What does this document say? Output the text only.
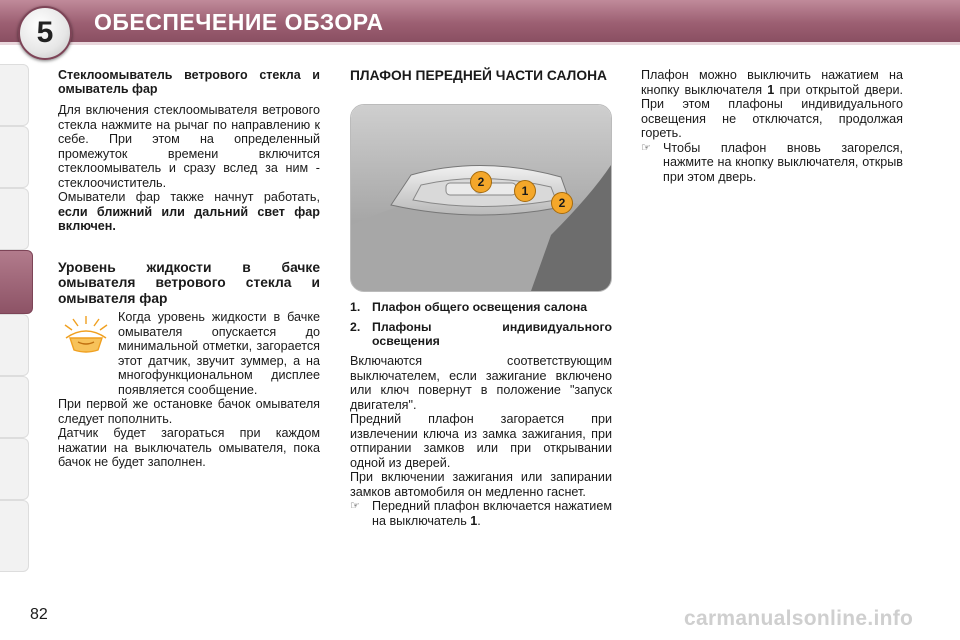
5 ОБЕСПЕЧЕНИЕ ОБЗОРА
Стеклоомыватель ветрового стекла и омыватель фар

Для включения стеклоомывателя ветрового стекла нажмите на рычаг по направлению к себе. При этом на определенный промежуток времени включится стеклоомыватель и сразу вслед за ним - стеклоочиститель.

Омыватели фар также начнут работать, если ближний или дальний свет фар включен.

Уровень жидкости в бачке омывателя ветрового стекла и омывателя фар

Когда уровень жидкости в бачке омывателя опускается до минимальной отметки, загорается этот датчик, звучит зуммер, а на многофункциональном дисплее появляется сообщение.

При первой же остановке бачок омывателя следует пополнить.

Датчик будет загораться при каждом нажатии на выключатель омывателя, пока бачок не будет заполнен.

ПЛАФОН ПЕРЕДНЕЙ ЧАСТИ САЛОНА
2
1
2
1. Плафон общего освещения салона
2. Плафоны индивидуального освещения

Включаются соответствующим выключателем, если зажигание включено или ключ повернут в положение "запуск двигателя".

Предний плафон загорается при извлечении ключа из замка зажигания, при отпирании замков или при открывании одной из дверей.

При включении зажигания или запирании замков автомобиля он медленно гаснет.

☞ Передний плафон включается нажатием на выключатель 1.

Плафон можно выключить нажатием на кнопку выключателя 1 при открытой двери. При этом плафоны индивидуального освещения не отключатся, продолжая гореть.

☞ Чтобы плафон вновь загорелся, нажмите на кнопку выключателя, открыв при этом дверь.
82	carmanualsonline.info
